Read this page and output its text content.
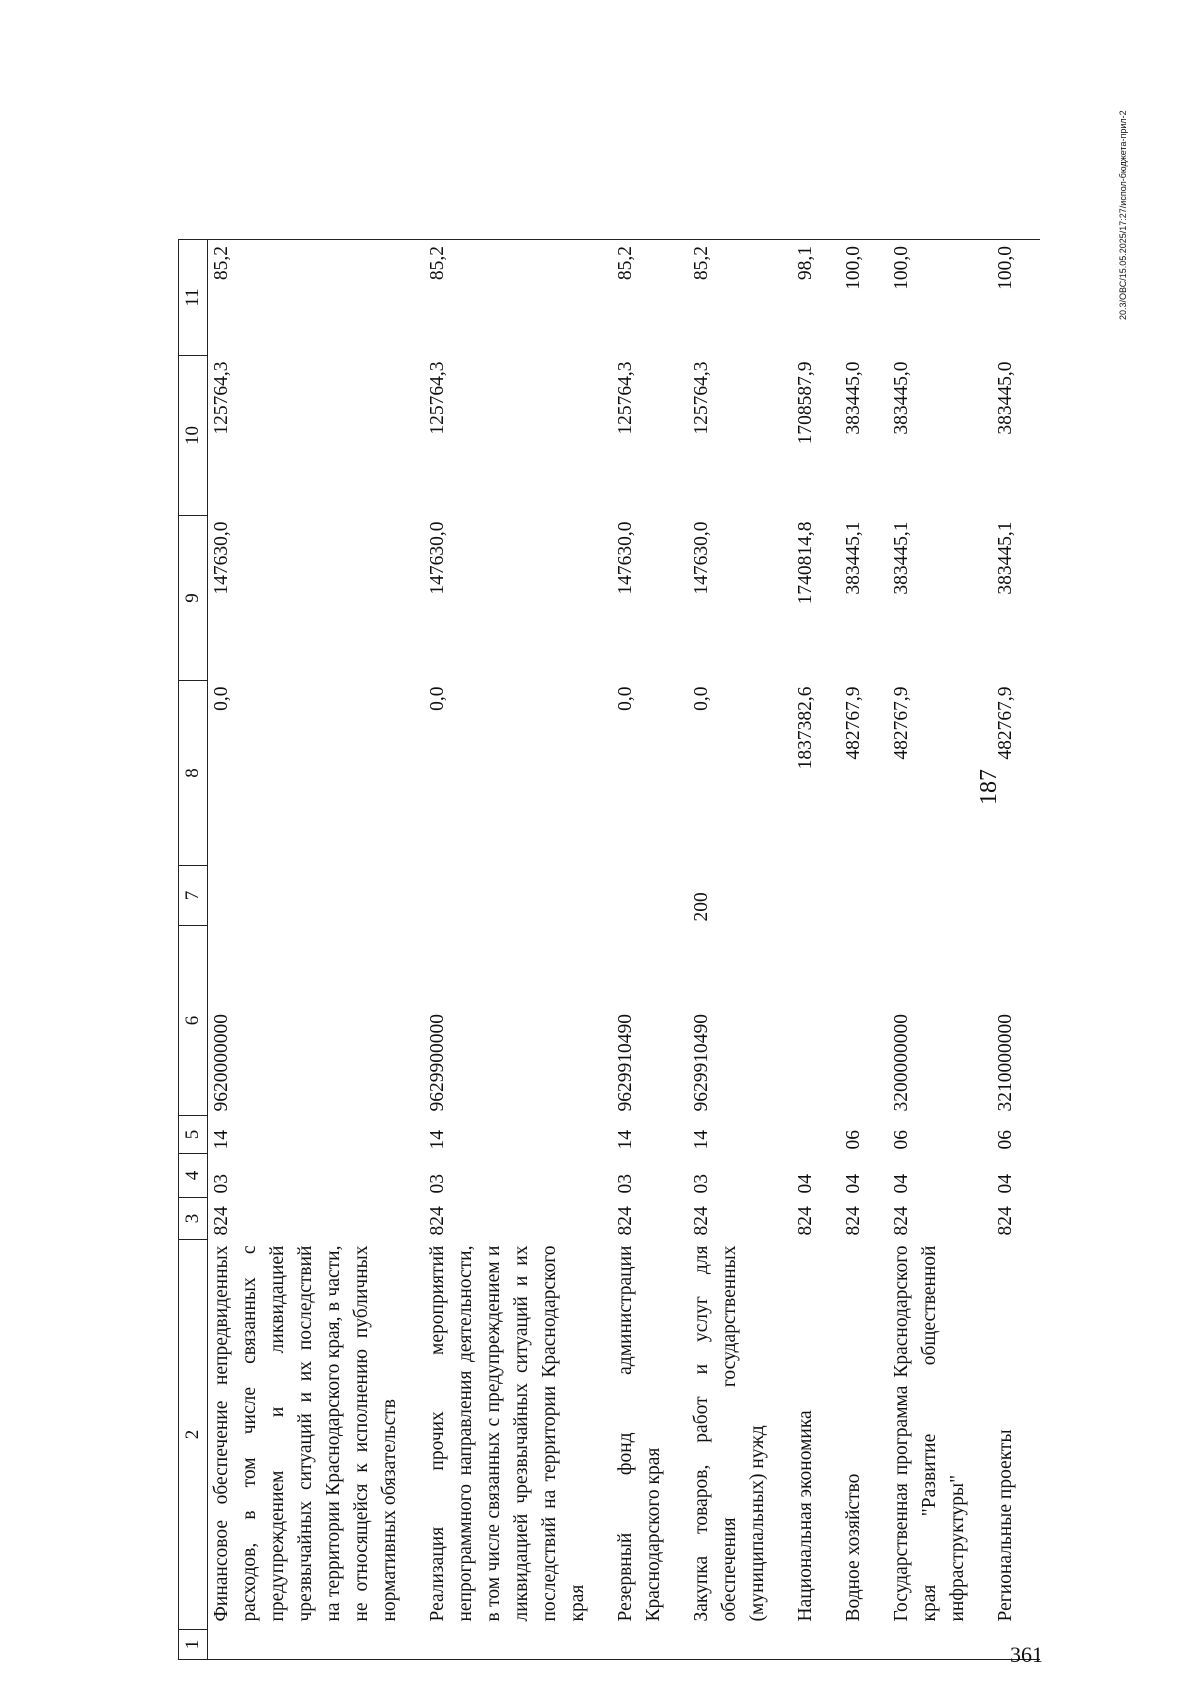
187
1	2	3	4	5	6	7	8	9	10	11
	Финансовое обеспечение непредвиденных расходов, в том числе связанных с предупреждением и ликвидацией чрезвычайных ситуаций и их последствий на территории Краснодарского края, в части, не относящейся к исполнению публичных нормативных обязательств	824	03	14	9620000000		0,0	147630,0	125764,3	85,2
	Реализация прочих мероприятий непрограммного направления деятельности, в том числе связанных с предупреждением и ликвидацией чрезвычайных ситуаций и их последствий на территории Краснодарского края	824	03	14	9629900000		0,0	147630,0	125764,3	85,2
	Резервный фонд администрации Краснодарского края	824	03	14	9629910490		0,0	147630,0	125764,3	85,2
	Закупка товаров, работ и услуг для обеспечения государственных (муниципальных) нужд	824	03	14	9629910490	200	0,0	147630,0	125764,3	85,2
	Национальная экономика	824	04				1837382,6	1740814,8	1708587,9	98,1
	Водное хозяйство	824	04	06			482767,9	383445,1	383445,0	100,0
	Государственная программа Краснодарского края "Развитие общественной инфраструктуры"	824	04	06	3200000000		482767,9	383445,1	383445,0	100,0
	Региональные проекты	824	04	06	3210000000		482767,9	383445,1	383445,0	100,0	20.3/ОВС/15.05.2025/17:27/испол-бюджета-прил-2
361
